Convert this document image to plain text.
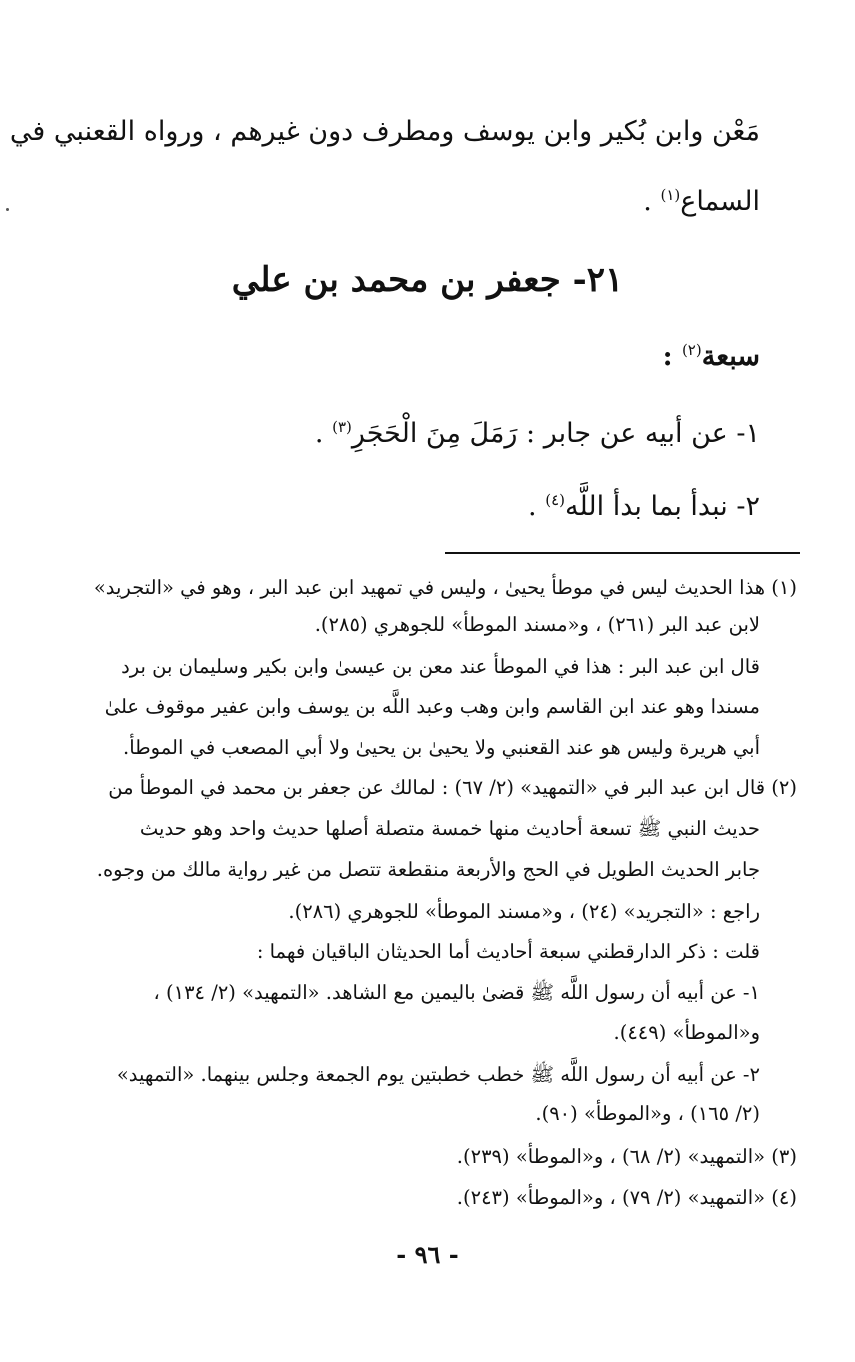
مَعْن وابن بُكير وابن يوسف ومطرف دون غيرهم ، ورواه القعنبي في
السماع$^{(١)}$ .
٢١- جعفر بن محمد بن علي
سبعة$^{(٢)}$ :
١- عن أبيه عن جابر : رَمَلَ مِنَ الْحَجَرِ$^{(٣)}$ .
٢- نبدأ بما بدأ اللَّه$^{(٤)}$ .
(١) هذا الحديث ليس في موطأ يحيىٰ ، وليس في تمهيد ابن عبد البر ، وهو في «التجريد»
لابن عبد البر (٢٦١) ، و«مسند الموطأ» للجوهري (٢٨٥).
قال ابن عبد البر : هذا في الموطأ عند معن بن عيسىٰ وابن بكير وسليمان بن برد
مسندا وهو عند ابن القاسم وابن وهب وعبد اللَّه بن يوسف وابن عفير موقوف علىٰ
أبي هريرة وليس هو عند القعنبي ولا يحيىٰ بن يحيىٰ ولا أبي المصعب في الموطأ.
(٢) قال ابن عبد البر في «التمهيد» (٢/ ٦٧) : لمالك عن جعفر بن محمد في الموطأ من
حديث النبي ﷺ تسعة أحاديث منها خمسة متصلة أصلها حديث واحد وهو حديث
جابر الحديث الطويل في الحج والأربعة منقطعة تتصل من غير رواية مالك من وجوه.
راجع : «التجريد» (٢٤) ، و«مسند الموطأ» للجوهري (٢٨٦).
قلت : ذكر الدارقطني سبعة أحاديث أما الحديثان الباقيان فهما :
١- عن أبيه أن رسول اللَّه ﷺ قضىٰ باليمين مع الشاهد. «التمهيد» (٢/ ١٣٤) ،
و«الموطأ» (٤٤٩).
٢- عن أبيه أن رسول اللَّه ﷺ خطب خطبتين يوم الجمعة وجلس بينهما. «التمهيد»
(٢/ ١٦٥) ، و«الموطأ» (٩٠).
(٣) «التمهيد» (٢/ ٦٨) ، و«الموطأ» (٢٣٩).
(٤) «التمهيد» (٢/ ٧٩) ، و«الموطأ» (٢٤٣).
- ٩٦ -
